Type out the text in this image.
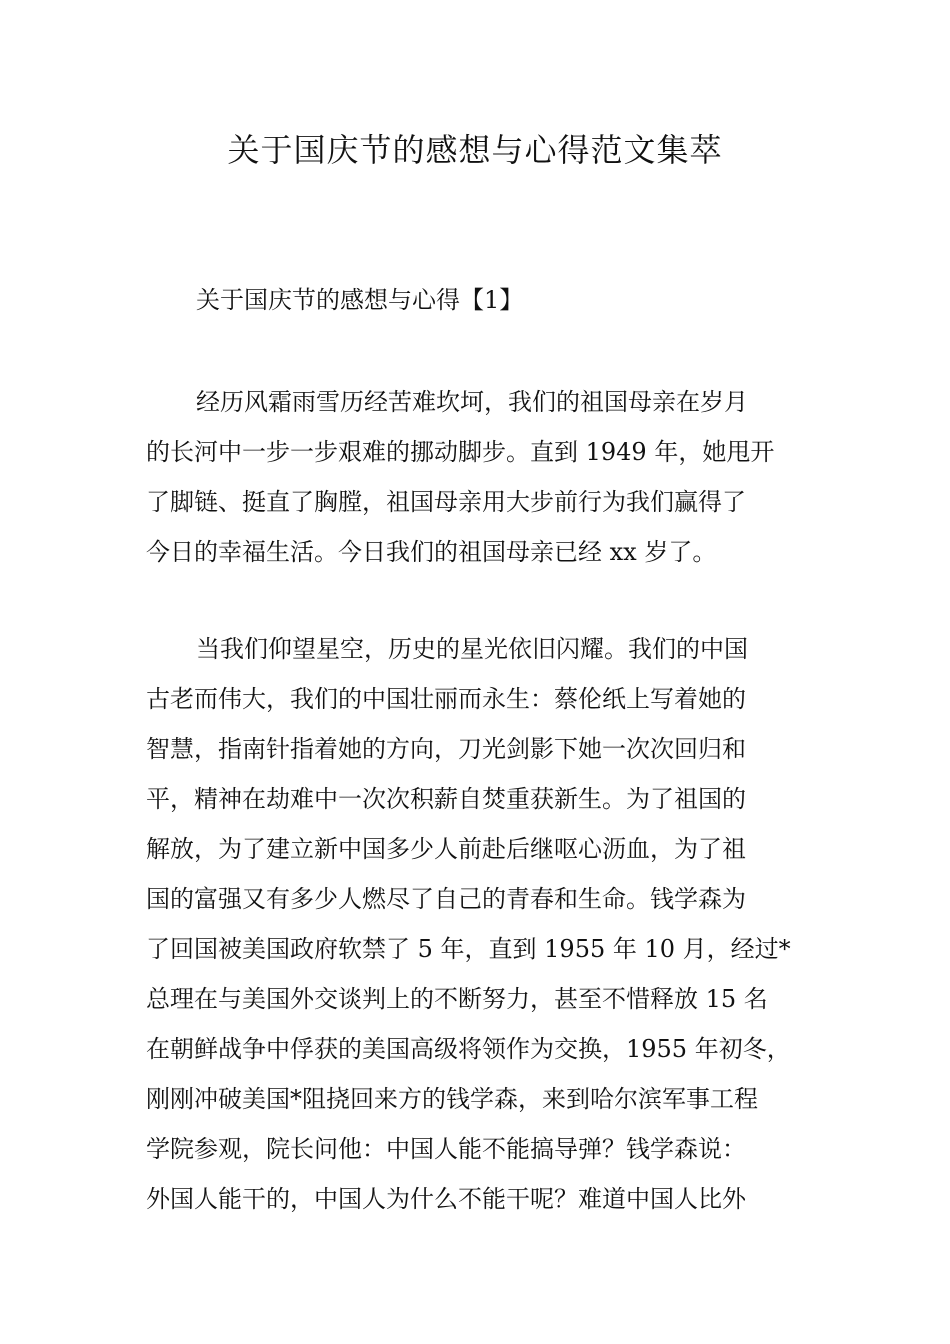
关于国庆节的感想与心得范文集萃
关于国庆节的感想与心得【1】
经历风霜雨雪历经苦难坎坷，我们的祖国母亲在岁月
的长河中一步一步艰难的挪动脚步。直到 1949 年，她甩开
了脚链、挺直了胸膛，祖国母亲用大步前行为我们赢得了
今日的幸福生活。今日我们的祖国母亲已经 xx 岁了。
当我们仰望星空，历史的星光依旧闪耀。我们的中国
古老而伟大，我们的中国壮丽而永生：蔡伦纸上写着她的
智慧，指南针指着她的方向，刀光剑影下她一次次回归和
平，精神在劫难中一次次积薪自焚重获新生。为了祖国的
解放，为了建立新中国多少人前赴后继呕心沥血，为了祖
国的富强又有多少人燃尽了自己的青春和生命。钱学森为
了回国被美国政府软禁了 5 年，直到 1955 年 10 月，经过*
总理在与美国外交谈判上的不断努力，甚至不惜释放 15 名
在朝鲜战争中俘获的美国高级将领作为交换，1955 年初冬，
刚刚冲破美国*阻挠回来方的钱学森，来到哈尔滨军事工程
学院参观，院长问他：中国人能不能搞导弹？钱学森说：
外国人能干的，中国人为什么不能干呢？难道中国人比外
